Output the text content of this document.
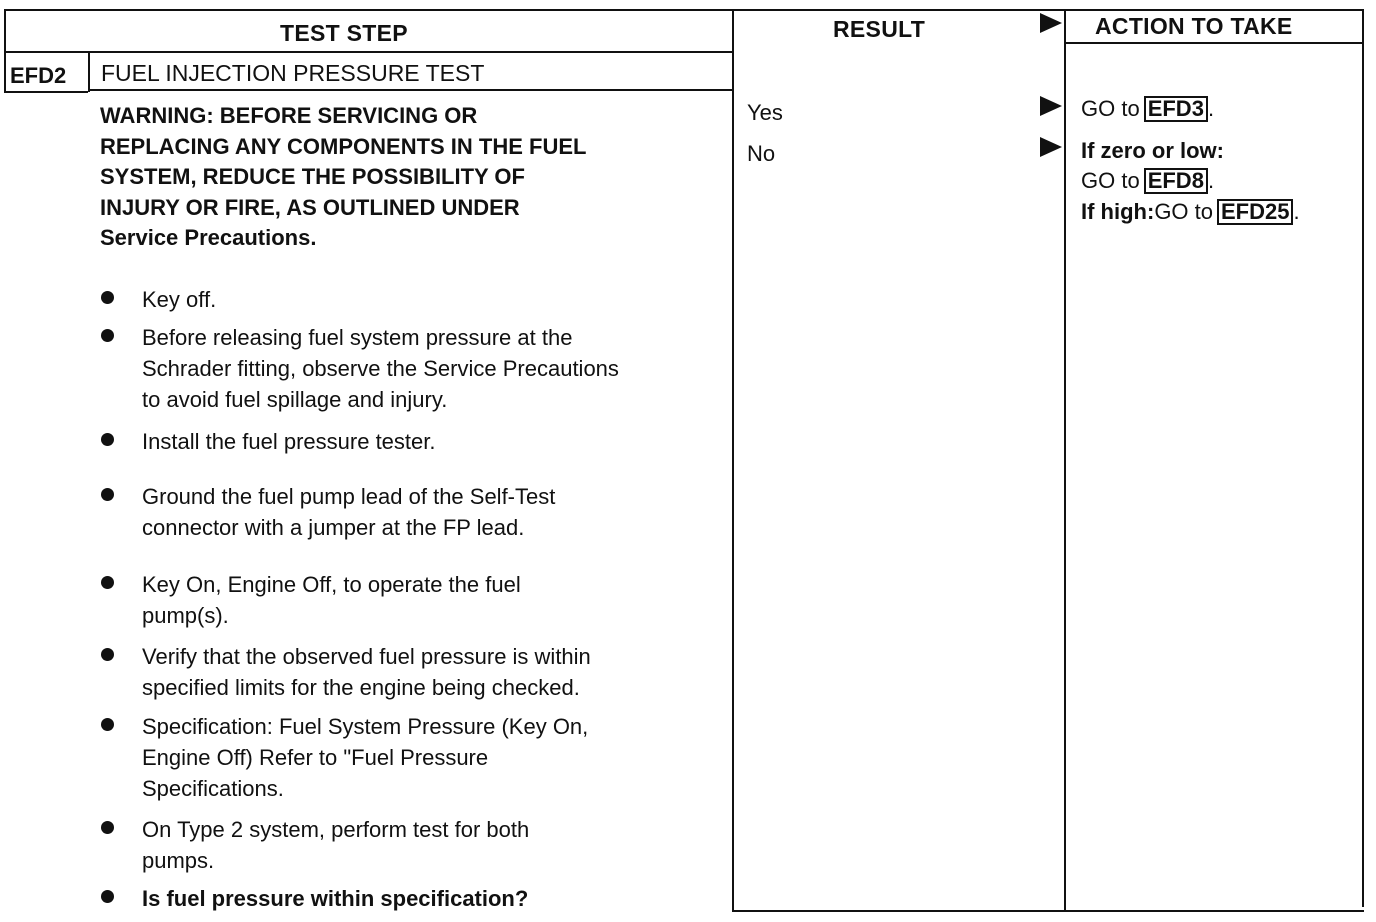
TEST STEP	RESULT	ACTION TO TAKE
EFD2 FUEL INJECTION PRESSURE TEST
WARNING: BEFORE SERVICING OR
REPLACING ANY COMPONENTS IN THE FUEL
SYSTEM, REDUCE THE POSSIBILITY OF
INJURY OR FIRE, AS OUTLINED UNDER
Service Precautions.
Key off.
Before releasing fuel system pressure at the
Schrader fitting, observe the Service Precautions
to avoid fuel spillage and injury.
Install the fuel pressure tester.
Ground the fuel pump lead of the Self-Test
connector with a jumper at the FP lead.
Key On, Engine Off, to operate the fuel
pump(s).
Verify that the observed fuel pressure is within
specified limits for the engine being checked.
Specification: Fuel System Pressure (Key On,
Engine Off) Refer to "Fuel Pressure
Specifications.
On Type 2 system, perform test for both
pumps.
Is fuel pressure within specification?
Yes
No
GO to EFD3 .
If zero or low:
GO to EFD8 .
If high:GO to EFD25 .
